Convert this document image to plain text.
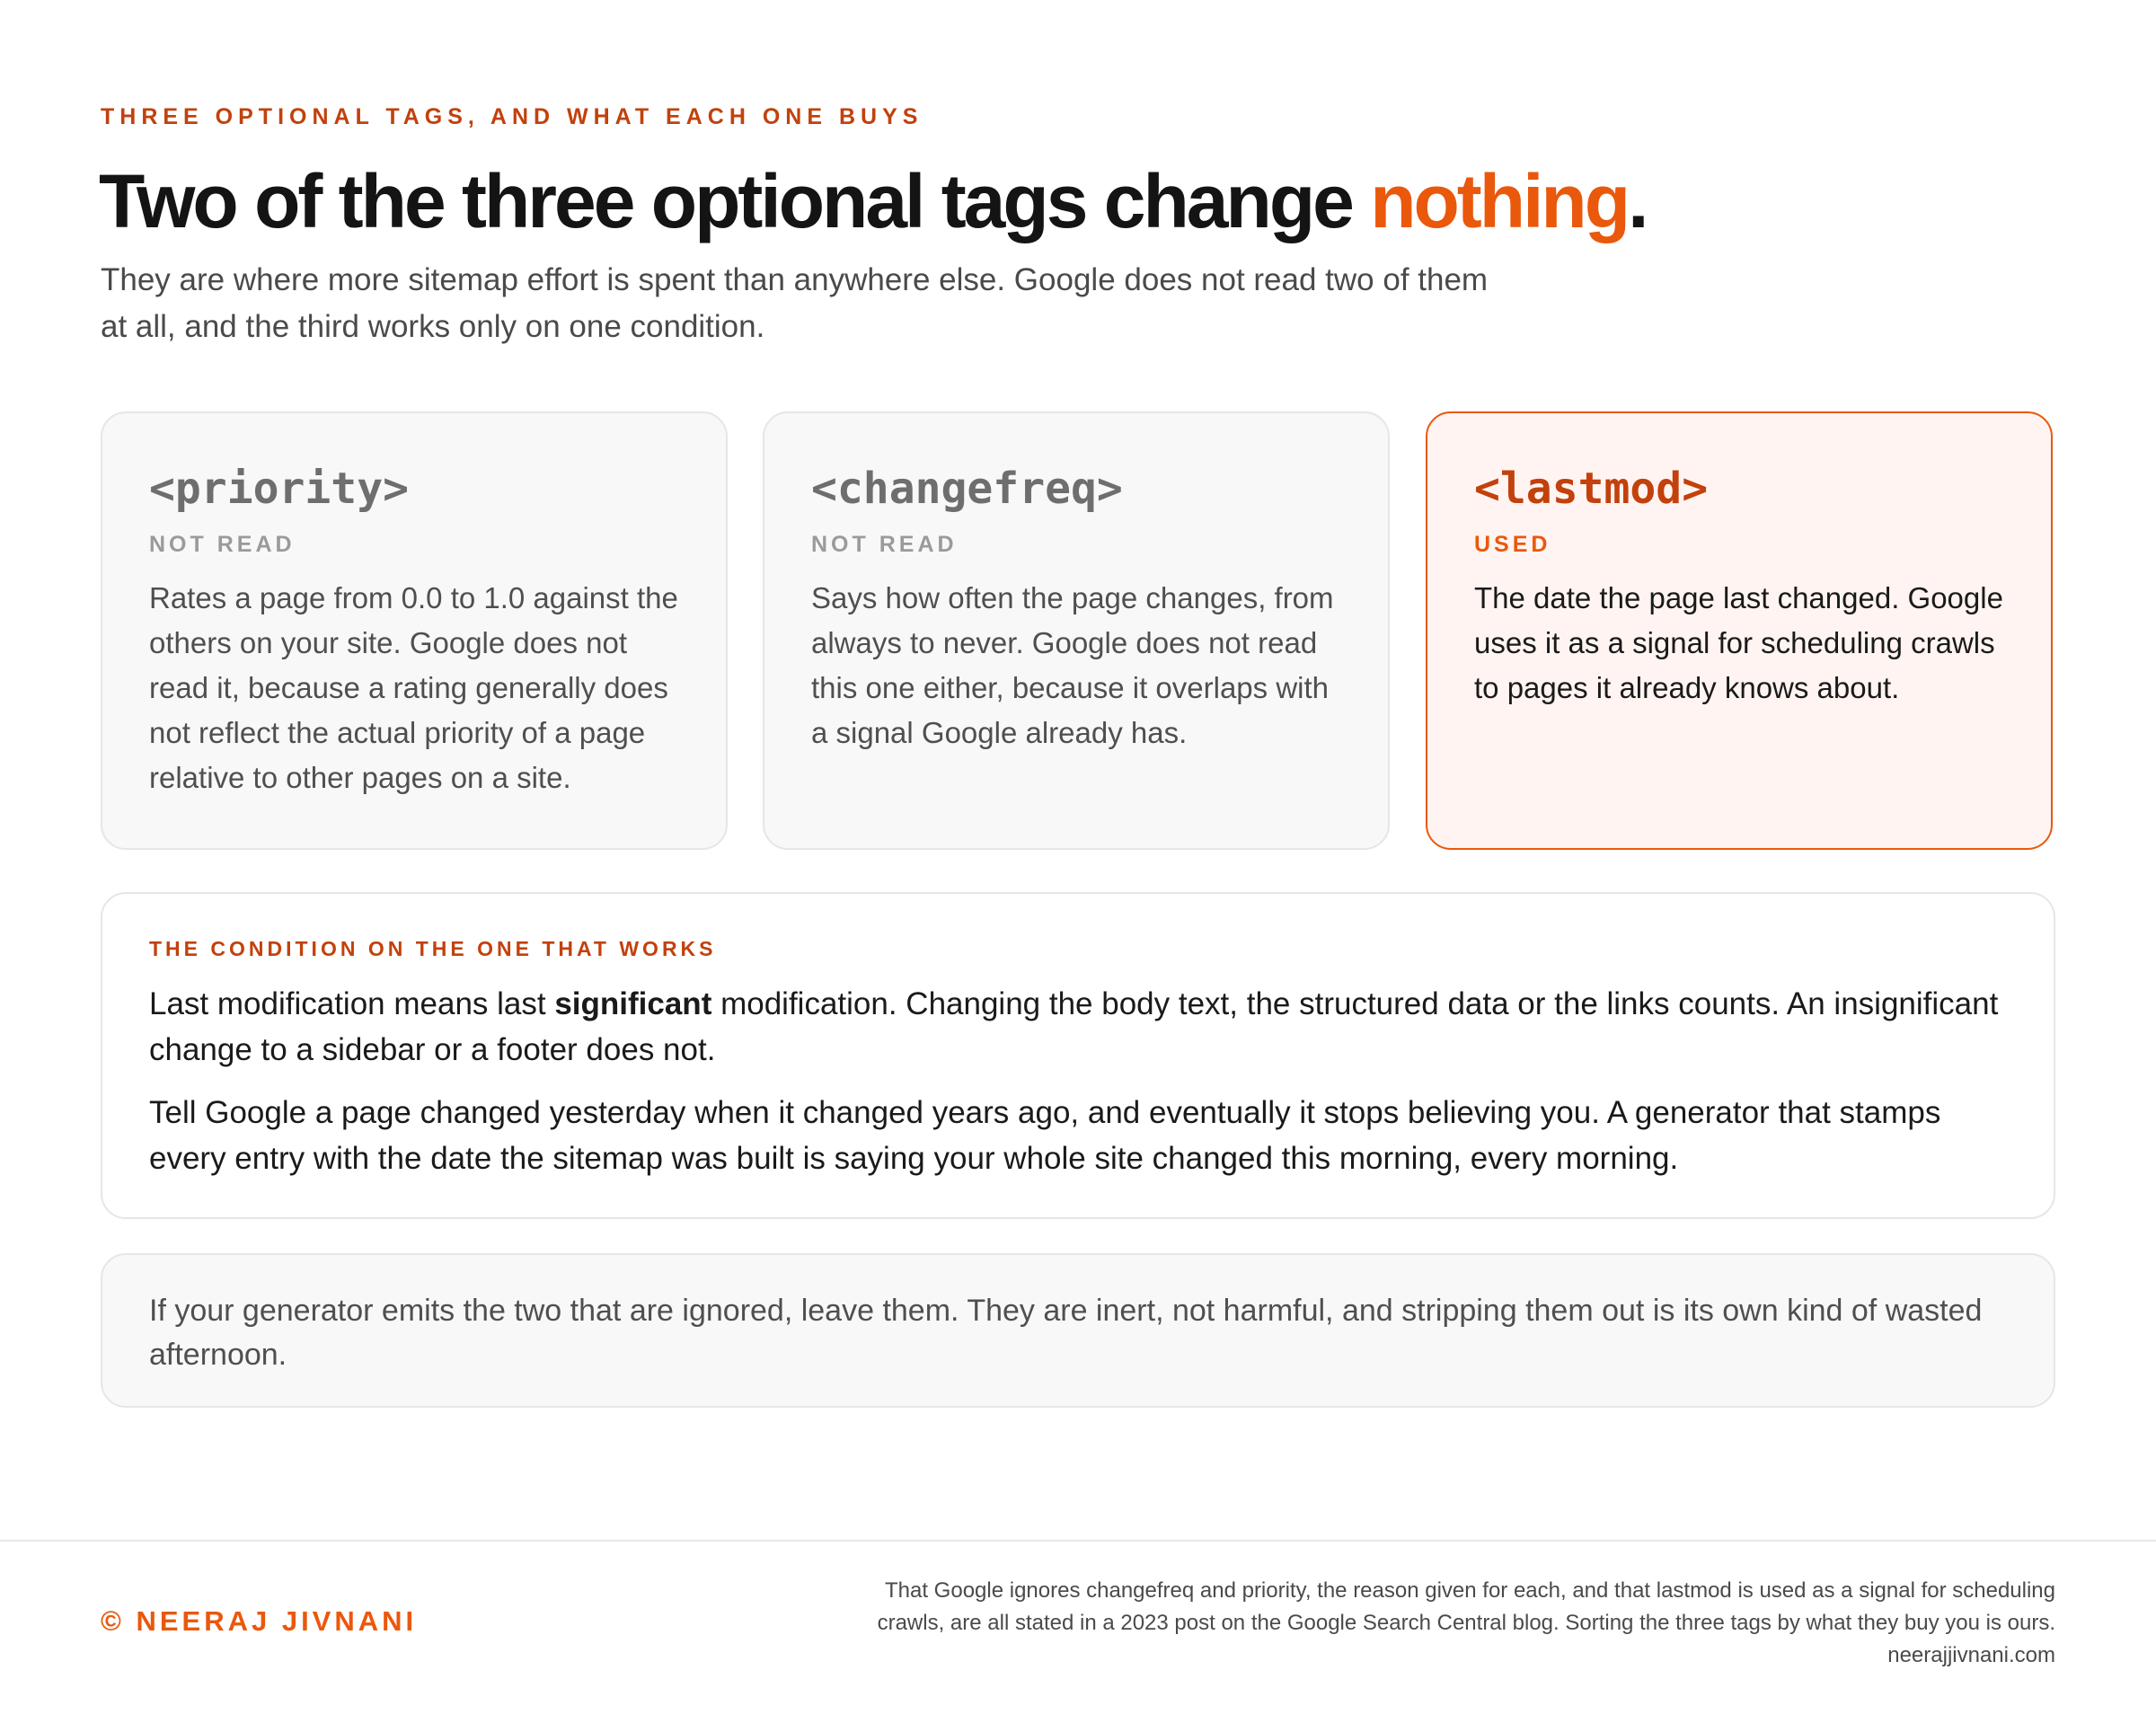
THREE OPTIONAL TAGS, AND WHAT EACH ONE BUYS
Two of the three optional tags change nothing.

They are where more sitemap effort is spent than anywhere else. Google does not read two of them at all, and the third works only on one condition.

<priority>
NOT READ
Rates a page from 0.0 to 1.0 against the others on your site. Google does not read it, because a rating generally does not reflect the actual priority of a page relative to other pages on a site.
<changefreq>
NOT READ
Says how often the page changes, from always to never. Google does not read this one either, because it overlaps with a signal Google already has.
<lastmod>
USED
The date the page last changed. Google uses it as a signal for scheduling crawls to pages it already knows about.
THE CONDITION ON THE ONE THAT WORKS

Last modification means last significant modification. Changing the body text, the structured data or the links counts. An insignificant change to a sidebar or a footer does not.

Tell Google a page changed yesterday when it changed years ago, and eventually it stops believing you. A generator that stamps every entry with the date the sitemap was built is saying your whole site changed this morning, every morning.

If your generator emits the two that are ignored, leave them. They are inert, not harmful, and stripping them out is its own kind of wasted afternoon.
© NEERAJ JIVNANI
That Google ignores changefreq and priority, the reason given for each, and that lastmod is used as a signal for scheduling
crawls, are all stated in a 2023 post on the Google Search Central blog. Sorting the three tags by what they buy you is ours.
neerajjivnani.com
